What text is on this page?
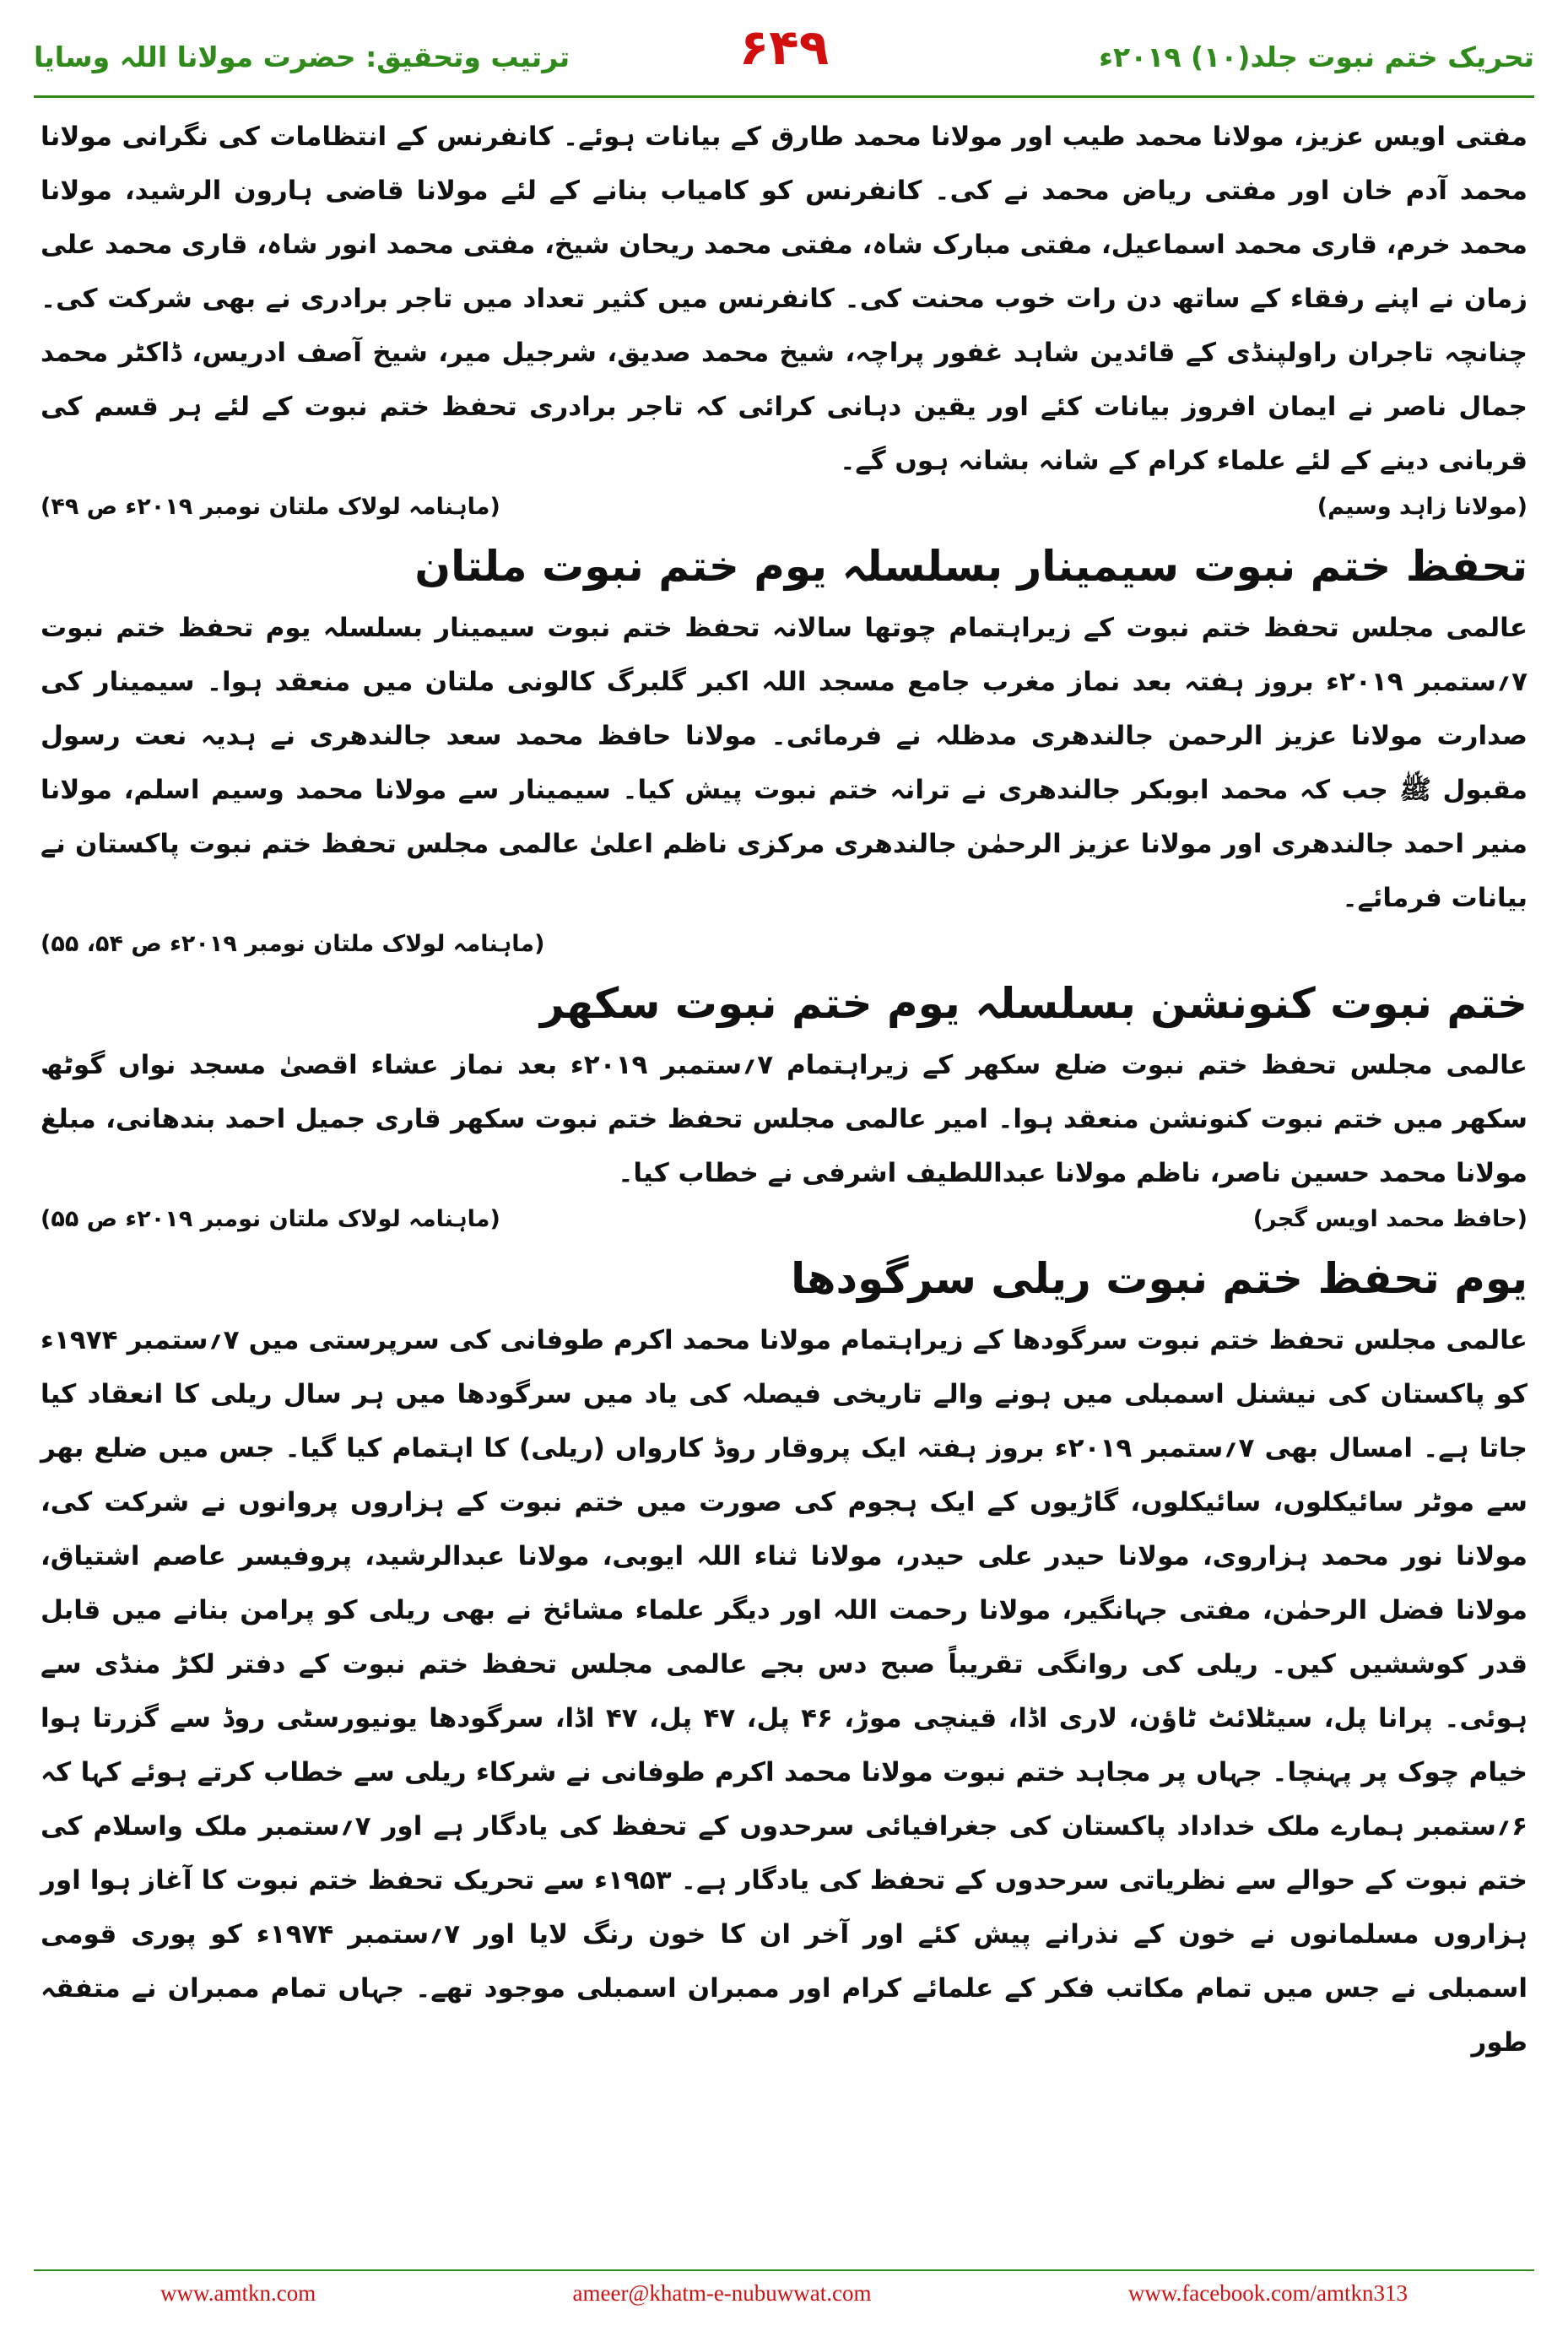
ترتیب وتحقیق: حضرت مولانا اللہ وسایا	۶۴۹	تحریک ختم نبوت جلد(۱۰) ۲۰۱۹ء

مفتی اویس عزیز، مولانا محمد طیب اور مولانا محمد طارق کے بیانات ہوئے۔ کانفرنس کے انتظامات کی نگرانی مولانا محمد آدم خان اور مفتی ریاض محمد نے کی۔ کانفرنس کو کامیاب بنانے کے لئے مولانا قاضی ہارون الرشید، مولانا محمد خرم، قاری محمد اسماعیل، مفتی مبارک شاہ، مفتی محمد ریحان شیخ، مفتی محمد انور شاہ، قاری محمد علی زمان نے اپنے رفقاء کے ساتھ دن رات خوب محنت کی۔ کانفرنس میں کثیر تعداد میں تاجر برادری نے بھی شرکت کی۔ چنانچہ تاجران راولپنڈی کے قائدین شاہد غفور پراچہ، شیخ محمد صدیق، شرجیل میر، شیخ آصف ادریس، ڈاکٹر محمد جمال ناصر نے ایمان افروز بیانات کئے اور یقین دہانی کرائی کہ تاجر برادری تحفظ ختم نبوت کے لئے ہر قسم کی قربانی دینے کے لئے علماء کرام کے شانہ بشانہ ہوں گے۔

(ماہنامہ لولاک ملتان نومبر ۲۰۱۹ء ص ۴۹)	(مولانا زاہد وسیم)
تحفظ ختم نبوت سیمینار بسلسلہ یوم ختم نبوت ملتان

عالمی مجلس تحفظ ختم نبوت کے زیراہتمام چوتھا سالانہ تحفظ ختم نبوت سیمینار بسلسلہ یوم تحفظ ختم نبوت ۷؍ستمبر ۲۰۱۹ء بروز ہفتہ بعد نماز مغرب جامع مسجد اللہ اکبر گلبرگ کالونی ملتان میں منعقد ہوا۔ سیمینار کی صدارت مولانا عزیز الرحمن جالندھری مدظلہ نے فرمائی۔ مولانا حافظ محمد سعد جالندھری نے ہدیہ نعت رسول مقبول ﷺ جب کہ محمد ابوبکر جالندھری نے ترانہ ختم نبوت پیش کیا۔ سیمینار سے مولانا محمد وسیم اسلم، مولانا منیر احمد جالندھری اور مولانا عزیز الرحمٰن جالندھری مرکزی ناظم اعلیٰ عالمی مجلس تحفظ ختم نبوت پاکستان نے بیانات فرمائے۔

(ماہنامہ لولاک ملتان نومبر ۲۰۱۹ء ص ۵۴، ۵۵)
ختم نبوت کنونشن بسلسلہ یوم ختم نبوت سکھر

عالمی مجلس تحفظ ختم نبوت ضلع سکھر کے زیراہتمام ۷؍ستمبر ۲۰۱۹ء بعد نماز عشاء اقصیٰ مسجد نواں گوٹھ سکھر میں ختم نبوت کنونشن منعقد ہوا۔ امیر عالمی مجلس تحفظ ختم نبوت سکھر قاری جمیل احمد بندھانی، مبلغ مولانا محمد حسین ناصر، ناظم مولانا عبداللطیف اشرفی نے خطاب کیا۔

(ماہنامہ لولاک ملتان نومبر ۲۰۱۹ء ص ۵۵)	(حافظ محمد اویس گجر)
یوم تحفظ ختم نبوت ریلی سرگودھا

عالمی مجلس تحفظ ختم نبوت سرگودھا کے زیراہتمام مولانا محمد اکرم طوفانی کی سرپرستی میں ۷؍ستمبر ۱۹۷۴ء کو پاکستان کی نیشنل اسمبلی میں ہونے والے تاریخی فیصلہ کی یاد میں سرگودھا میں ہر سال ریلی کا انعقاد کیا جاتا ہے۔ امسال بھی ۷؍ستمبر ۲۰۱۹ء بروز ہفتہ ایک پروقار روڈ کارواں (ریلی) کا اہتمام کیا گیا۔ جس میں ضلع بھر سے موٹر سائیکلوں، سائیکلوں، گاڑیوں کے ایک ہجوم کی صورت میں ختم نبوت کے ہزاروں پروانوں نے شرکت کی، مولانا نور محمد ہزاروی، مولانا حیدر علی حیدر، مولانا ثناء اللہ ایوبی، مولانا عبدالرشید، پروفیسر عاصم اشتیاق، مولانا فضل الرحمٰن، مفتی جہانگیر، مولانا رحمت اللہ اور دیگر علماء مشائخ نے بھی ریلی کو پرامن بنانے میں قابل قدر کوششیں کیں۔ ریلی کی روانگی تقریباً صبح دس بجے عالمی مجلس تحفظ ختم نبوت کے دفتر لکڑ منڈی سے ہوئی۔ پرانا پل، سیٹلائٹ ٹاؤن، لاری اڈا، قینچی موڑ، ۴۶ پل، ۴۷ پل، ۴۷ اڈا، سرگودھا یونیورسٹی روڈ سے گزرتا ہوا خیام چوک پر پہنچا۔ جہاں پر مجاہد ختم نبوت مولانا محمد اکرم طوفانی نے شرکاء ریلی سے خطاب کرتے ہوئے کہا کہ ۶؍ستمبر ہمارے ملک خداداد پاکستان کی جغرافیائی سرحدوں کے تحفظ کی یادگار ہے اور ۷؍ستمبر ملک واسلام کی ختم نبوت کے حوالے سے نظریاتی سرحدوں کے تحفظ کی یادگار ہے۔ ۱۹۵۳ء سے تحریک تحفظ ختم نبوت کا آغاز ہوا اور ہزاروں مسلمانوں نے خون کے نذرانے پیش کئے اور آخر ان کا خون رنگ لایا اور ۷؍ستمبر ۱۹۷۴ء کو پوری قومی اسمبلی نے جس میں تمام مکاتب فکر کے علمائے کرام اور ممبران اسمبلی موجود تھے۔ جہاں تمام ممبران نے متفقہ طور

www.amtkn.com	ameer@khatm-e-nubuwwat.com	www.facebook.com/amtkn313
